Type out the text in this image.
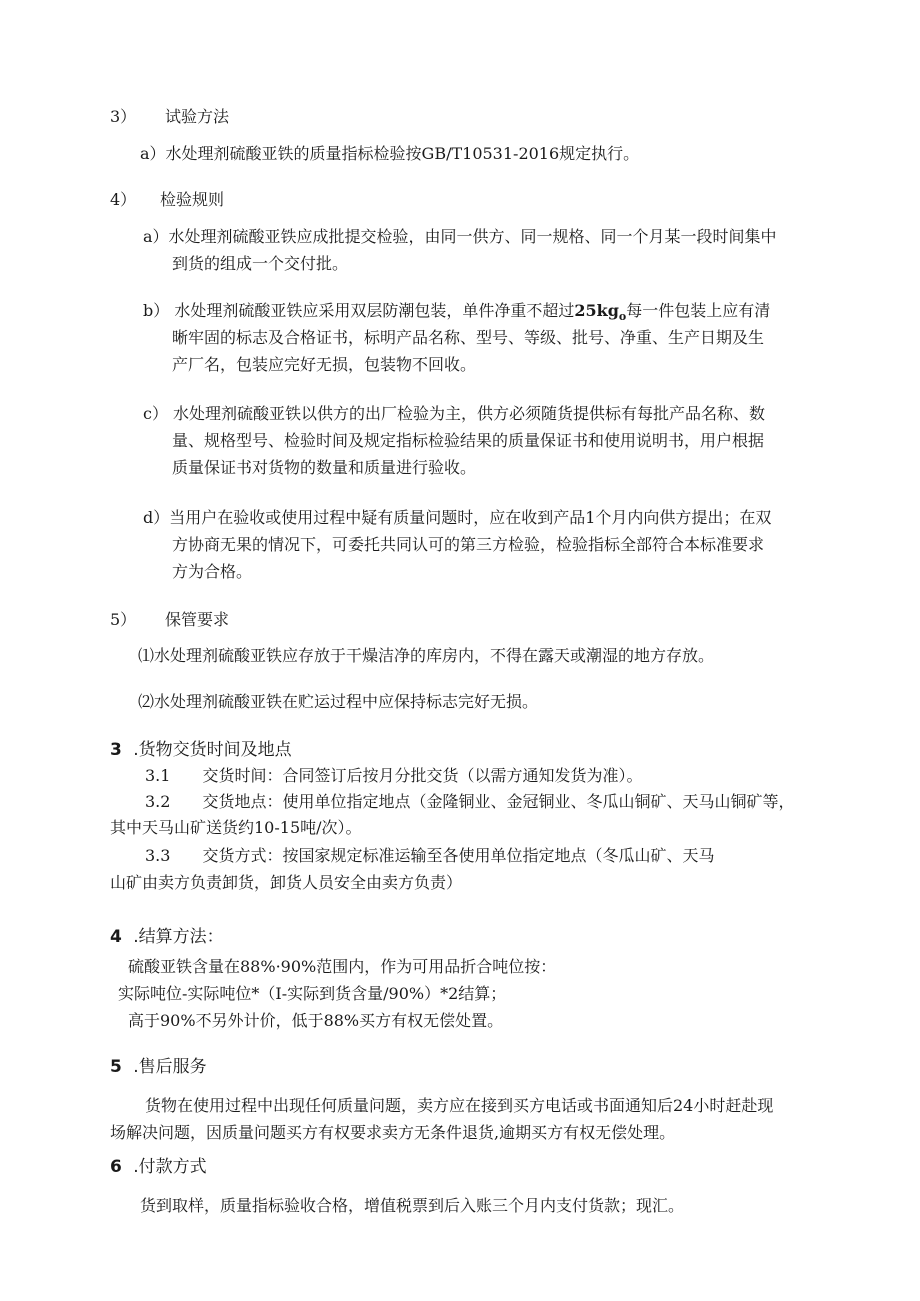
3） 试验方法
a）水处理剂硫酸亚铁的质量指标检验按GB/T10531-2016规定执行。
4） 检验规则
a）水处理剂硫酸亚铁应成批提交检验，由同一供方、同一规格、同一个月某一段时间集中
到货的组成一个交付批。
b） 水处理剂硫酸亚铁应采用双层防潮包装，单件净重不超过$25kg_o$每一件包装上应有清
晰牢固的标志及合格证书，标明产品名称、型号、等级、批号、净重、生产日期及生
产厂名，包装应完好无损，包装物不回收。
c） 水处理剂硫酸亚铁以供方的出厂检验为主，供方必须随货提供标有每批产品名称、数
量、规格型号、检验时间及规定指标检验结果的质量保证书和使用说明书，用户根据
质量保证书对货物的数量和质量进行验收。
d）当用户在验收或使用过程中疑有质量问题时，应在收到产品1个月内向供方提出；在双
方协商无果的情况下，可委托共同认可的第三方检验，检验指标全部符合本标准要求
方为合格。
5） 保管要求
⑴水处理剂硫酸亚铁应存放于干燥洁净的库房内，不得在露天或潮湿的地方存放。
⑵水处理剂硫酸亚铁在贮运过程中应保持标志完好无损。
3 .货物交货时间及地点
3.1　　交货时间：合同签订后按月分批交货（以需方通知发货为准）。
3.2　　交货地点：使用单位指定地点（金隆铜业、金冠铜业、冬瓜山铜矿、天马山铜矿等，
其中天马山矿送货约10-15吨/次）。
3.3　　交货方式：按国家规定标准运输至各使用单位指定地点（冬瓜山矿、天马
山矿由卖方负责卸货，卸货人员安全由卖方负责）
4 .结算方法：
硫酸亚铁含量在88%·90%范围内，作为可用品折合吨位按：
实际吨位-实际吨位*（I-实际到货含量/90%）*2结算；
高于90%不另外计价，低于88%买方有权无偿处置。
5 .售后服务
货物在使用过程中出现任何质量问题，卖方应在接到买方电话或书面通知后24小时赶赴现
场解决问题，因质量问题买方有权要求卖方无条件退货,逾期买方有权无偿处理。
6 .付款方式
货到取样，质量指标验收合格，增值税票到后入账三个月内支付货款；现汇。
